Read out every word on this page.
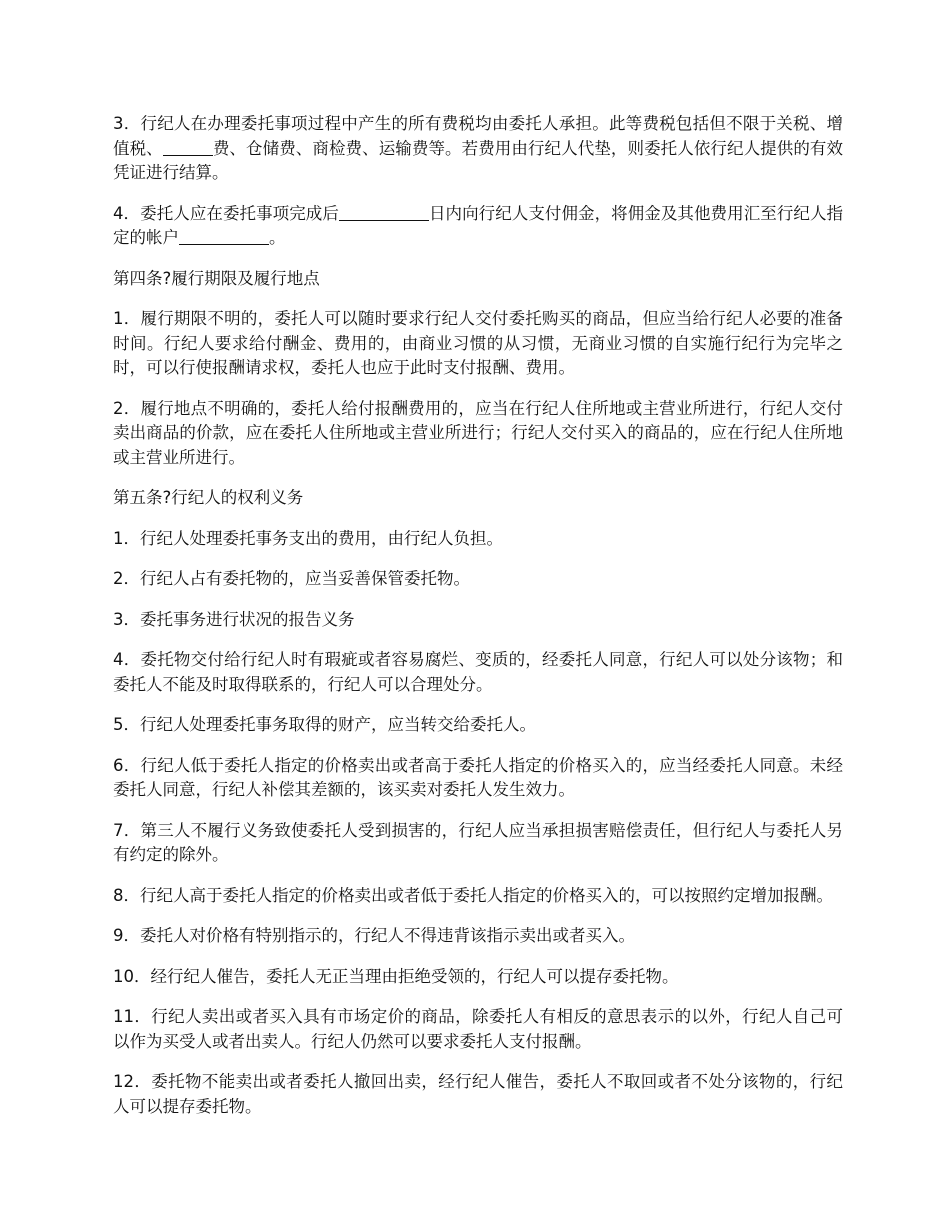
3．行纪人在办理委托事项过程中产生的所有费税均由委托人承担。此等费税包括但不限于关税、增值税、	费、仓储费、商检费、运输费等。若费用由行纪人代垫，则委托人依行纪人提供的有效凭证进行结算。

4．委托人应在委托事项完成后	日内向行纪人支付佣金，将佣金及其他费用汇至行纪人指定的帐户	。

第四条?履行期限及履行地点

1．履行期限不明的，委托人可以随时要求行纪人交付委托购买的商品，但应当给行纪人必要的准备时间。行纪人要求给付酬金、费用的，由商业习惯的从习惯，无商业习惯的自实施行纪行为完毕之时，可以行使报酬请求权，委托人也应于此时支付报酬、费用。

2．履行地点不明确的，委托人给付报酬费用的，应当在行纪人住所地或主营业所进行，行纪人交付卖出商品的价款，应在委托人住所地或主营业所进行；行纪人交付买入的商品的，应在行纪人住所地或主营业所进行。

第五条?行纪人的权利义务

1．行纪人处理委托事务支出的费用，由行纪人负担。

2．行纪人占有委托物的，应当妥善保管委托物。

3．委托事务进行状况的报告义务

4．委托物交付给行纪人时有瑕疵或者容易腐烂、变质的，经委托人同意，行纪人可以处分该物；和委托人不能及时取得联系的，行纪人可以合理处分。

5．行纪人处理委托事务取得的财产，应当转交给委托人。

6．行纪人低于委托人指定的价格卖出或者高于委托人指定的价格买入的，应当经委托人同意。未经委托人同意，行纪人补偿其差额的，该买卖对委托人发生效力。

7．第三人不履行义务致使委托人受到损害的，行纪人应当承担损害赔偿责任，但行纪人与委托人另有约定的除外。

8．行纪人高于委托人指定的价格卖出或者低于委托人指定的价格买入的，可以按照约定增加报酬。

9．委托人对价格有特别指示的，行纪人不得违背该指示卖出或者买入。

10．经行纪人催告，委托人无正当理由拒绝受领的，行纪人可以提存委托物。

11．行纪人卖出或者买入具有市场定价的商品，除委托人有相反的意思表示的以外，行纪人自己可以作为买受人或者出卖人。行纪人仍然可以要求委托人支付报酬。

12．委托物不能卖出或者委托人撤回出卖，经行纪人催告，委托人不取回或者不处分该物的，行纪人可以提存委托物。
